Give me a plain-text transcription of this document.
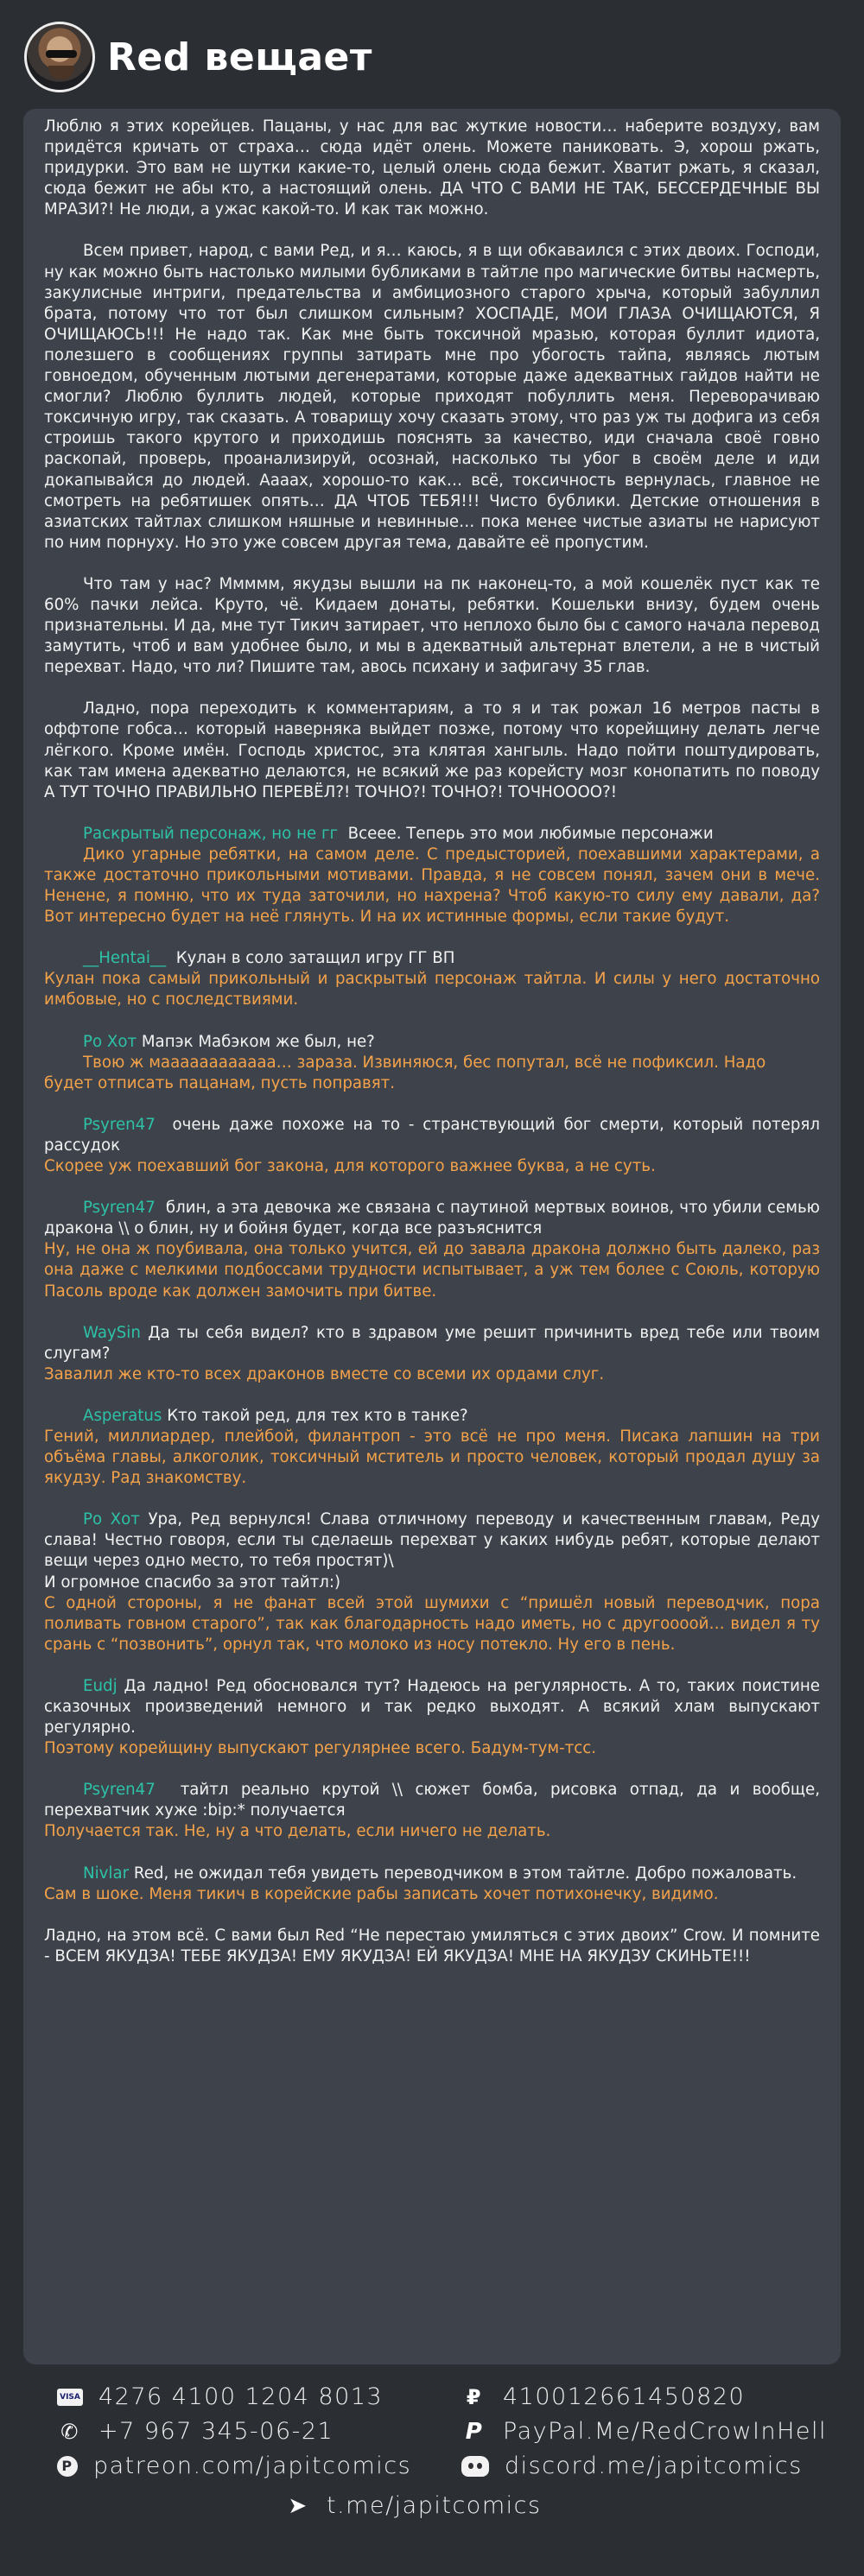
Red вещает

Люблю я этих корейцев. Пацаны, у нас для вас жуткие новости… наберите воздуху, вам придётся кричать от страха… сюда идёт олень. Можете паниковать. Э, хорош ржать, придурки. Это вам не шутки какие-то, целый олень сюда бежит. Хватит ржать, я сказал, сюда бежит не абы кто, а настоящий олень. ДА ЧТО С ВАМИ НЕ ТАК, БЕССЕРДЕЧНЫЕ ВЫ МРАЗИ?! Не люди, а ужас какой-то. И как так можно.

Всем привет, народ, с вами Ред, и я… каюсь, я в щи обкаваился с этих двоих. Господи, ну как можно быть настолько милыми бубликами в тайтле про магические битвы насмерть, закулисные интриги, предательства и амбициозного старого хрыча, который забуллил брата, потому что тот был слишком сильным? ХОСПАДЕ, МОИ ГЛАЗА ОЧИЩАЮТСЯ, Я ОЧИЩАЮСЬ!!! Не надо так. Как мне быть токсичной мразью, которая буллит идиота, полезшего в сообщениях группы затирать мне про убогость тайпа, являясь лютым говноедом, обученным лютыми дегенератами, которые даже адекватных гайдов найти не смогли? Люблю буллить людей, которые приходят побуллить меня. Переворачиваю токсичную игру, так сказать. А товарищу хочу сказать этому, что раз уж ты дофига из себя строишь такого крутого и приходишь пояснять за качество, иди сначала своё говно раскопай, проверь, проанализируй, осознай, насколько ты убог в своём деле и иди докапывайся до людей. Аааах, хорошо-то как… всё, токсичность вернулась, главное не смотреть на ребятишек опять… ДА ЧТОБ ТЕБЯ!!! Чисто бублики. Детские отношения в азиатских тайтлах слишком няшные и невинные… пока менее чистые азиаты не нарисуют по ним порнуху. Но это уже совсем другая тема, давайте её пропустим.

Что там у нас? Ммммм, якудзы вышли на пк наконец-то, а мой кошелёк пуст как те 60% пачки лейса. Круто, чё. Кидаем донаты, ребятки. Кошельки внизу, будем очень признательны. И да, мне тут Тикич затирает, что неплохо было бы с самого начала перевод замутить, чтоб и вам удобнее было, и мы в адекватный альтернат влетели, а не в чистый перехват. Надо, что ли? Пишите там, авось психану и зафигачу 35 глав.

Ладно, пора переходить к комментариям, а то я и так рожал 16 метров пасты в оффтопе гобса… который наверняка выйдет позже, потому что корейщину делать легче лёгкого. Кроме имён. Господь христос, эта клятая хангыль. Надо пойти поштудировать, как там имена адекватно делаются, не всякий же раз корейсту мозг конопатить по поводу А ТУТ ТОЧНО ПРАВИЛЬНО ПЕРЕВЁЛ?! ТОЧНО?! ТОЧНО?! ТОЧНОООО?!

Раскрытый персонаж, но не гг Всеее. Теперь это мои любимые персонажи

Дико угарные ребятки, на самом деле. С предысторией, поехавшими характерами, а также достаточно прикольными мотивами. Правда, я не совсем понял, зачем они в мече. Ненене, я помню, что их туда заточили, но нахрена? Чтоб какую-то силу ему давали, да? Вот интересно будет на неё глянуть. И на их истинные формы, если такие будут.

__Hentai__ Кулан в соло затащил игру ГГ ВП

Кулан пока самый прикольный и раскрытый персонаж тайтла. И силы у него достаточно имбовые, но с последствиями.

Ро Хот Мапэк Мабэком же был, не?

Твою ж маааааааааааа… зараза. Извиняюся, бес попутал, всё не пофиксил. Надо

будет отписать пацанам, пусть поправят.

Psyren47 очень даже похоже на то - странствующий бог смерти, который потерял рассудок

Скорее уж поехавший бог закона, для которого важнее буква, а не суть.

Psyren47 блин, а эта девочка же связана с паутиной мертвых воинов, что убили семью дракона \\ о блин, ну и бойня будет, когда все разъяснится

Ну, не она ж поубивала, она только учится, ей до завала дракона должно быть далеко, раз она даже с мелкими подбоссами трудности испытывает, а уж тем более с Союль, которую Пасоль вроде как должен замочить при битве.

WaySin Да ты себя видел? кто в здравом уме решит причинить вред тебе или твоим слугам?

Завалил же кто-то всех драконов вместе со всеми их ордами слуг.

Asperatus Кто такой ред, для тех кто в танке?

Гений, миллиардер, плейбой, филантроп - это всё не про меня. Писака лапшин на три объёма главы, алкоголик, токсичный мститель и просто человек, который продал душу за якудзу. Рад знакомству.

Ро Хот Ура, Ред вернулся! Слава отличному переводу и качественным главам, Реду слава! Честно говоря, если ты сделаешь перехват у каких нибудь ребят, которые делают вещи через одно место, то тебя простят)\

И огромное спасибо за этот тайтл:)

С одной стороны, я не фанат всей этой шумихи с “пришёл новый переводчик, пора поливать говном старого”, так как благодарность надо иметь, но с другоооой… видел я ту срань с “позвонить”, орнул так, что молоко из носу потекло. Ну его в пень.

Eudj Да ладно! Ред обосновался тут? Надеюсь на регулярность. А то, таких поистине сказочных произведений немного и так редко выходят. А всякий хлам выпускают регулярно.

Поэтому корейщину выпускают регулярнее всего. Бадум-тум-тсс.

Psyren47 тайтл реально крутой \\ сюжет бомба, рисовка отпад, да и вообще, перехватчик хуже :bip:* получается

Получается так. Не, ну а что делать, если ничего не делать.

Nivlar Red, не ожидал тебя увидеть переводчиком в этом тайтле. Добро пожаловать.

Сам в шоке. Меня тикич в корейские рабы записать хочет потихонечку, видимо.

Ладно, на этом всё. С вами был Red “Не перестаю умиляться с этих двоих” Crow. И помните - ВСЕМ ЯКУДЗА! ТЕБЕ ЯКУДЗА! ЕМУ ЯКУДЗА! ЕЙ ЯКУДЗА! МНЕ НА ЯКУДЗУ СКИНЬТЕ!!!

VISA 4276 4100 1204 8013
✆ +7 967 345-06-21
P patreon.com/japitcomics
₽ 410012661450820
P PayPal.Me/RedCrowInHell
discord.me/japitcomics
➤ t.me/japitcomics
